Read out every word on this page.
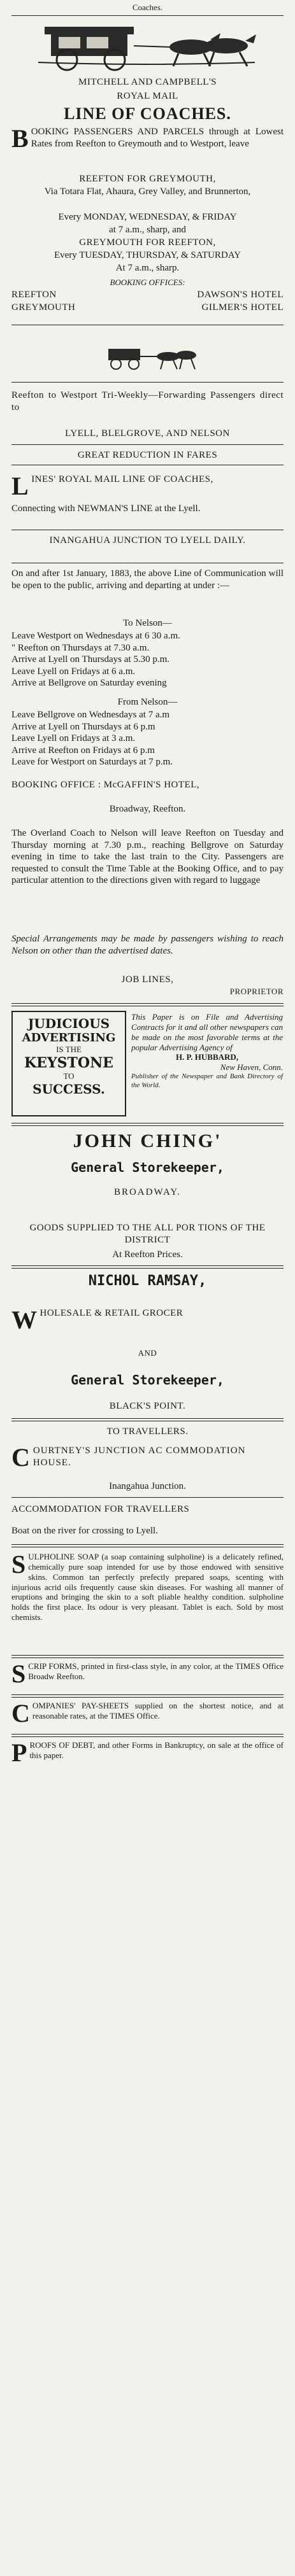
Coaches.
MITCHELL AND CAMPBELL'S
ROYAL MAIL
LINE OF COACHES.
BOOKING PASSENGERS AND PARCELS through at Lowest Rates from Reefton to Greymouth and to Westport, leave
REEFTON FOR GREYMOUTH,
Via Totara Flat, Ahaura, Grey Valley, and Brunnerton,
Every MONDAY, WEDNESDAY, & FRIDAY
at 7 a.m., sharp, and
GREYMOUTH FOR REEFTON,
Every TUESDAY, THURSDAY, & SATURDAY
At 7 a.m., sharp.
BOOKING OFFICES:
REEFTON	DAWSON'S HOTEL
GREYMOUTH	GILMER'S HOTEL
Reefton to Westport Tri-Weekly—Forwarding Passengers direct to
LYELL, BLELGROVE, AND NELSON
GREAT REDUCTION IN FARES
LINES' ROYAL MAIL LINE OF COACHES,
Connecting with NEWMAN'S LINE at the Lyell.
INANGAHUA JUNCTION TO LYELL DAILY.
On and after 1st January, 1883, the above Line of Communication will be open to the public, arriving and departing at under :—
To Nelson—
Leave Westport on Wednesdays at 6 30 a.m.
" Reefton on Thursdays at 7.30 a.m.
Arrive at Lyell on Thursdays at 5.30 p.m.
Leave Lyell on Fridays at 6 a.m.
Arrive at Bellgrove on Saturday evening
From Nelson—
Leave Bellgrove on Wednesdays at 7 a.m
Arrive at Lyell on Thursdays at 6 p.m
Leave Lyell on Fridays at 3 a.m.
Arrive at Reefton on Fridays at 6 p.m
Leave for Westport on Saturdays at 7 p.m.
BOOKING OFFICE : McGAFFIN'S HOTEL,
Broadway, Reefton.
The Overland Coach to Nelson will leave Reefton on Tuesday and Thursday morning at 7.30 p.m., reaching Bellgrove on Saturday evening in time to take the last train to the City. Passengers are requested to consult the Time Table at the Booking Office, and to pay particular attention to the directions given with regard to luggage
Special Arrangements may be made by passengers wishing to reach Nelson on other than the advertised dates.
JOB LINES,
PROPRIETOR
JUDICIOUS
ADVERTISING
IS THE
KEYSTONE
TO
SUCCESS.
This Paper is on File and Advertising Contracts for it and all other newspapers can be made on the most favorable terms at the popular Advertising Agency of
H. P. HUBBARD,
New Haven, Conn.
Publisher of the Newspaper and Bank Directory of the World.
JOHN CHING'
General Storekeeper,
BROADWAY.
GOODS SUPPLIED TO THE ALL POR TIONS OF THE DISTRICT
At Reefton Prices.
NICHOL RAMSAY,
WHOLESALE & RETAIL GROCER
AND
General Storekeeper,
BLACK'S POINT.
TO TRAVELLERS.
COURTNEY'S JUNCTION AC COMMODATION HOUSE.
Inangahua Junction.
ACCOMMODATION FOR TRAVELLERS
Boat on the river for crossing to Lyell.
SULPHOLINE SOAP (a soap containing sulpholine) is a delicately refined, chemically pure soap intended for use by those endowed with sensitive skins. Common tan perfectly prefectly prepared soaps, scenting with injurious acrid oils frequently cause skin diseases. For washing all manner of eruptions and bringing the skin to a soft pliable healthy condition. sulpholine holds the first place. Its odour is very pleasant. Tablet is each. Sold by most chemists.
SCRIP FORMS, printed in first-class style, in any color, at the TIMES Office Broadw Reefton.
COMPANIES' PAY-SHEETS supplied on the shortest notice, and at reasonable rates, at the TIMES Office.
PROOFS OF DEBT, and other Forms in Bankruptcy, on sale at the office of this paper.
